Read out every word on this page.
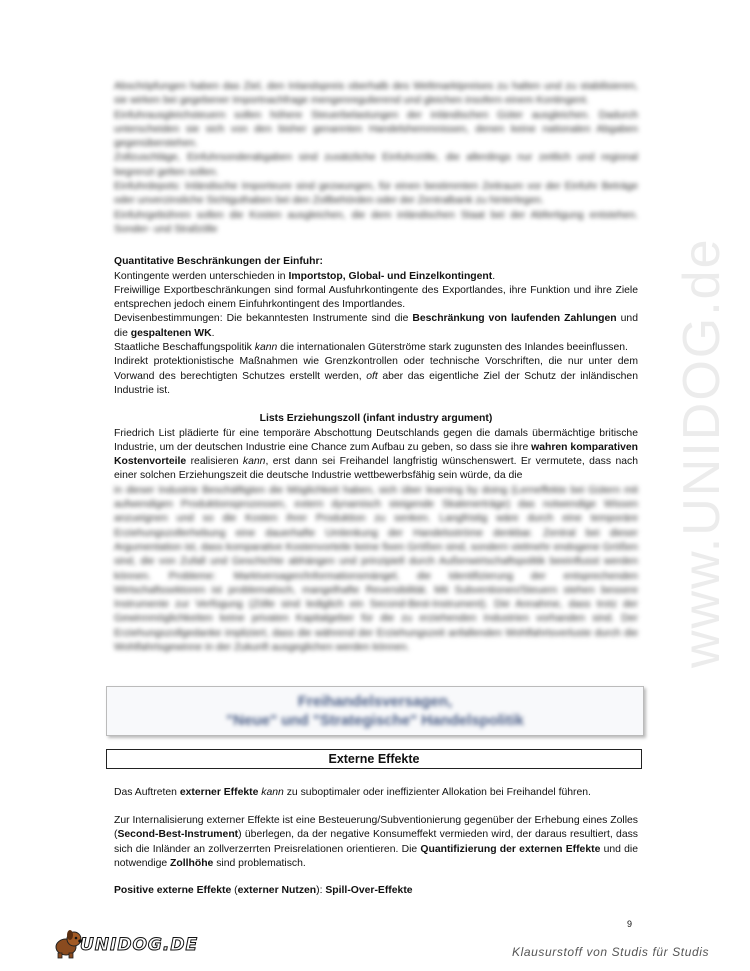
www.UNIDOG.de

Abschöpfungen haben das Ziel, den Inlandspreis oberhalb des Weltmarktpreises zu halten und zu stabilisieren, sie wirken bei gegebener Importnachfrage mengenregulierend und gleichen insofern einem Kontingent.

Einfuhrausgleichsteuern sollen höhere Steuerbelastungen der inländischen Güter ausgleichen. Dadurch unterscheiden sie sich von den bisher genannten Handelshemmnissen, denen keine nationalen Abgaben gegenüberstehen.

Zollzuschläge, Einfuhrsonderabgaben sind zusätzliche Einfuhrzölle, die allerdings nur zeitlich und regional begrenzt gelten sollen.

Einfuhrdepots: Inländische Importeure sind gezwungen, für einen bestimmten Zeitraum vor der Einfuhr Beträge oder unverzinsliche Sichtguthaben bei den Zollbehörden oder der Zentralbank zu hinterlegen.

Einfuhrgebühren sollen die Kosten ausgleichen, die dem inländischen Staat bei der Abfertigung entstehen. Sonder- und Strafzölle

Quantitative Beschränkungen der Einfuhr:

Kontingente werden unterschieden in Importstop, Global- und Einzelkontingent.

Freiwillige Exportbeschränkungen sind formal Ausfuhrkontingente des Exportlandes, ihre Funktion und ihre Ziele entsprechen jedoch einem Einfuhrkontingent des Importlandes.

Devisenbestimmungen: Die bekanntesten Instrumente sind die Beschränkung von laufenden Zahlungen und die gespaltenen WK.

Staatliche Beschaffungspolitik kann die internationalen Güterströme stark zugunsten des Inlandes beeinflussen.

Indirekt protektionistische Maßnahmen wie Grenzkontrollen oder technische Vorschriften, die nur unter dem Vorwand des berechtigten Schutzes erstellt werden, oft aber das eigentliche Ziel der Schutz der inländischen Industrie ist.

Lists Erziehungszoll (infant industry argument)

Friedrich List plädierte für eine temporäre Abschottung Deutschlands gegen die damals übermächtige britische Industrie, um der deutschen Industrie eine Chance zum Aufbau zu geben, so dass sie ihre wahren komparativen Kostenvorteile realisieren kann, erst dann sei Freihandel langfristig wünschenswert. Er vermutete, dass nach einer solchen Erziehungszeit die deutsche Industrie wettbewerbsfähig sein würde, da die

in dieser Industrie Beschäftigten die Möglichkeit haben, sich über learning by doing (Lerneffekte bei Gütern mit aufwendigen Produktionsprozessen, extern dynamisch steigende Skalenerträge) das notwendige Wissen anzueignen und so die Kosten ihrer Produktion zu senken. Langfristig wäre durch eine temporäre Erziehungszollerhebung eine dauerhafte Umlenkung der Handelsströme denkbar. Zentral bei dieser Argumentation ist, dass komparative Kostenvorteile keine fixen Größen sind, sondern vielmehr endogene Größen sind, die von Zufall und Geschichte abhängen und prinzipiell durch Außenwirtschaftspolitik beeinflusst werden können. Probleme: Marktversagen/Informationsmängel, die Identifizierung der entsprechenden Wirtschaftssektoren ist problematisch, mangelhafte Reversibilität. Mit Subventionen/Steuern stehen bessere Instrumente zur Verfügung (Zölle sind lediglich ein Second-Best-Instrument). Die Annahme, dass trotz der Gewinnmöglichkeiten keine privaten Kapitalgeber für die zu erziehenden Industrien vorhanden sind. Der Erziehungszollgedanke impliziert, dass die während der Erziehungszeit anfallenden Wohlfahrtsverluste durch die Wohlfahrtsgewinne in der Zukunft ausgeglichen werden können.

Freihandelsversagen,
"Neue" und "Strategische" Handelspolitik
Externe Effekte

Das Auftreten externer Effekte kann zu suboptimaler oder ineffizienter Allokation bei Freihandel führen.

Zur Internalisierung externer Effekte ist eine Besteuerung/Subventionierung gegenüber der Erhebung eines Zolles (Second-Best-Instrument) überlegen, da der negative Konsumeffekt vermieden wird, der daraus resultiert, dass sich die Inländer an zollverzerrten Preisrelationen orientieren. Die Quantifizierung der externen Effekte und die notwendige Zollhöhe sind problematisch.

Positive externe Effekte (externer Nutzen): Spill-Over-Effekte

9
UNIDOG.DE	Klausurstoff von Studis für Studis
